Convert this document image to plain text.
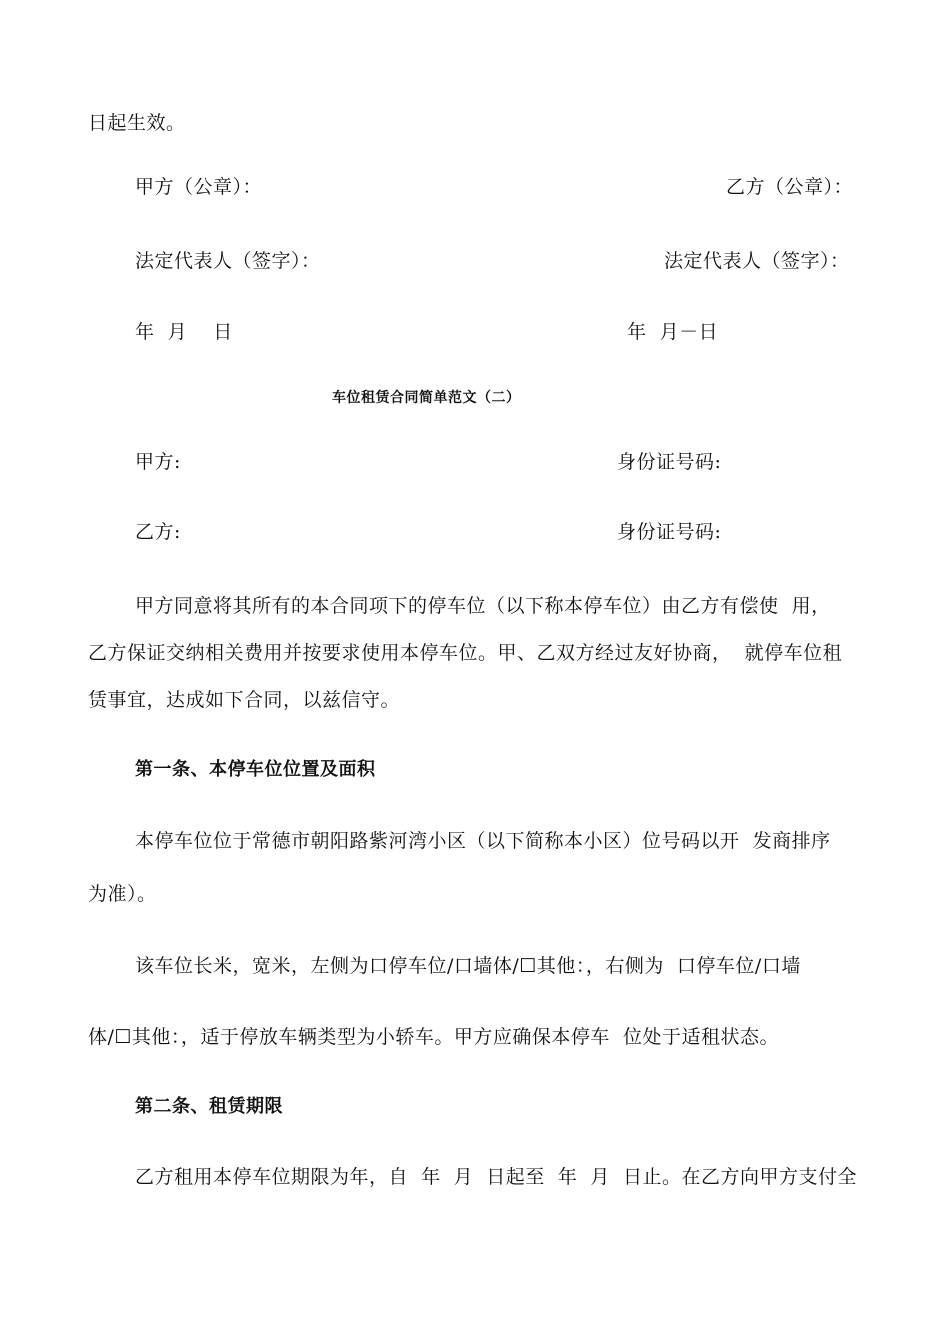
日起生效。
甲方（公章）：	乙方（公章）：
法定代表人（签字）：	法定代表人（签字）：
年  月    日	年  月－日
车位租赁合同简单范文（二）
甲方:	身份证号码:
乙方:	身份证号码:
甲方同意将其所有的本合同项下的停车位（以下称本停车位）由乙方有偿使  用，
乙方保证交纳相关费用并按要求使用本停车位。甲、乙双方经过友好协商，  就停车位租
赁事宜，达成如下合同，以兹信守。
第一条、本停车位位置及面积
本停车位位于常德市朝阳路紫河湾小区（以下简称本小区）位号码以开  发商排序
为准）。
该车位长米，宽米，左侧为口停车位/口墙体/☐其他：，右侧为  口停车位/口墙
体/☐其他：，适于停放车辆类型为小轿车。甲方应确保本停车  位处于适租状态。
第二条、租赁期限
乙方租用本停车位期限为年，自  年  月  日起至  年  月  日止。在乙方向甲方支付全
